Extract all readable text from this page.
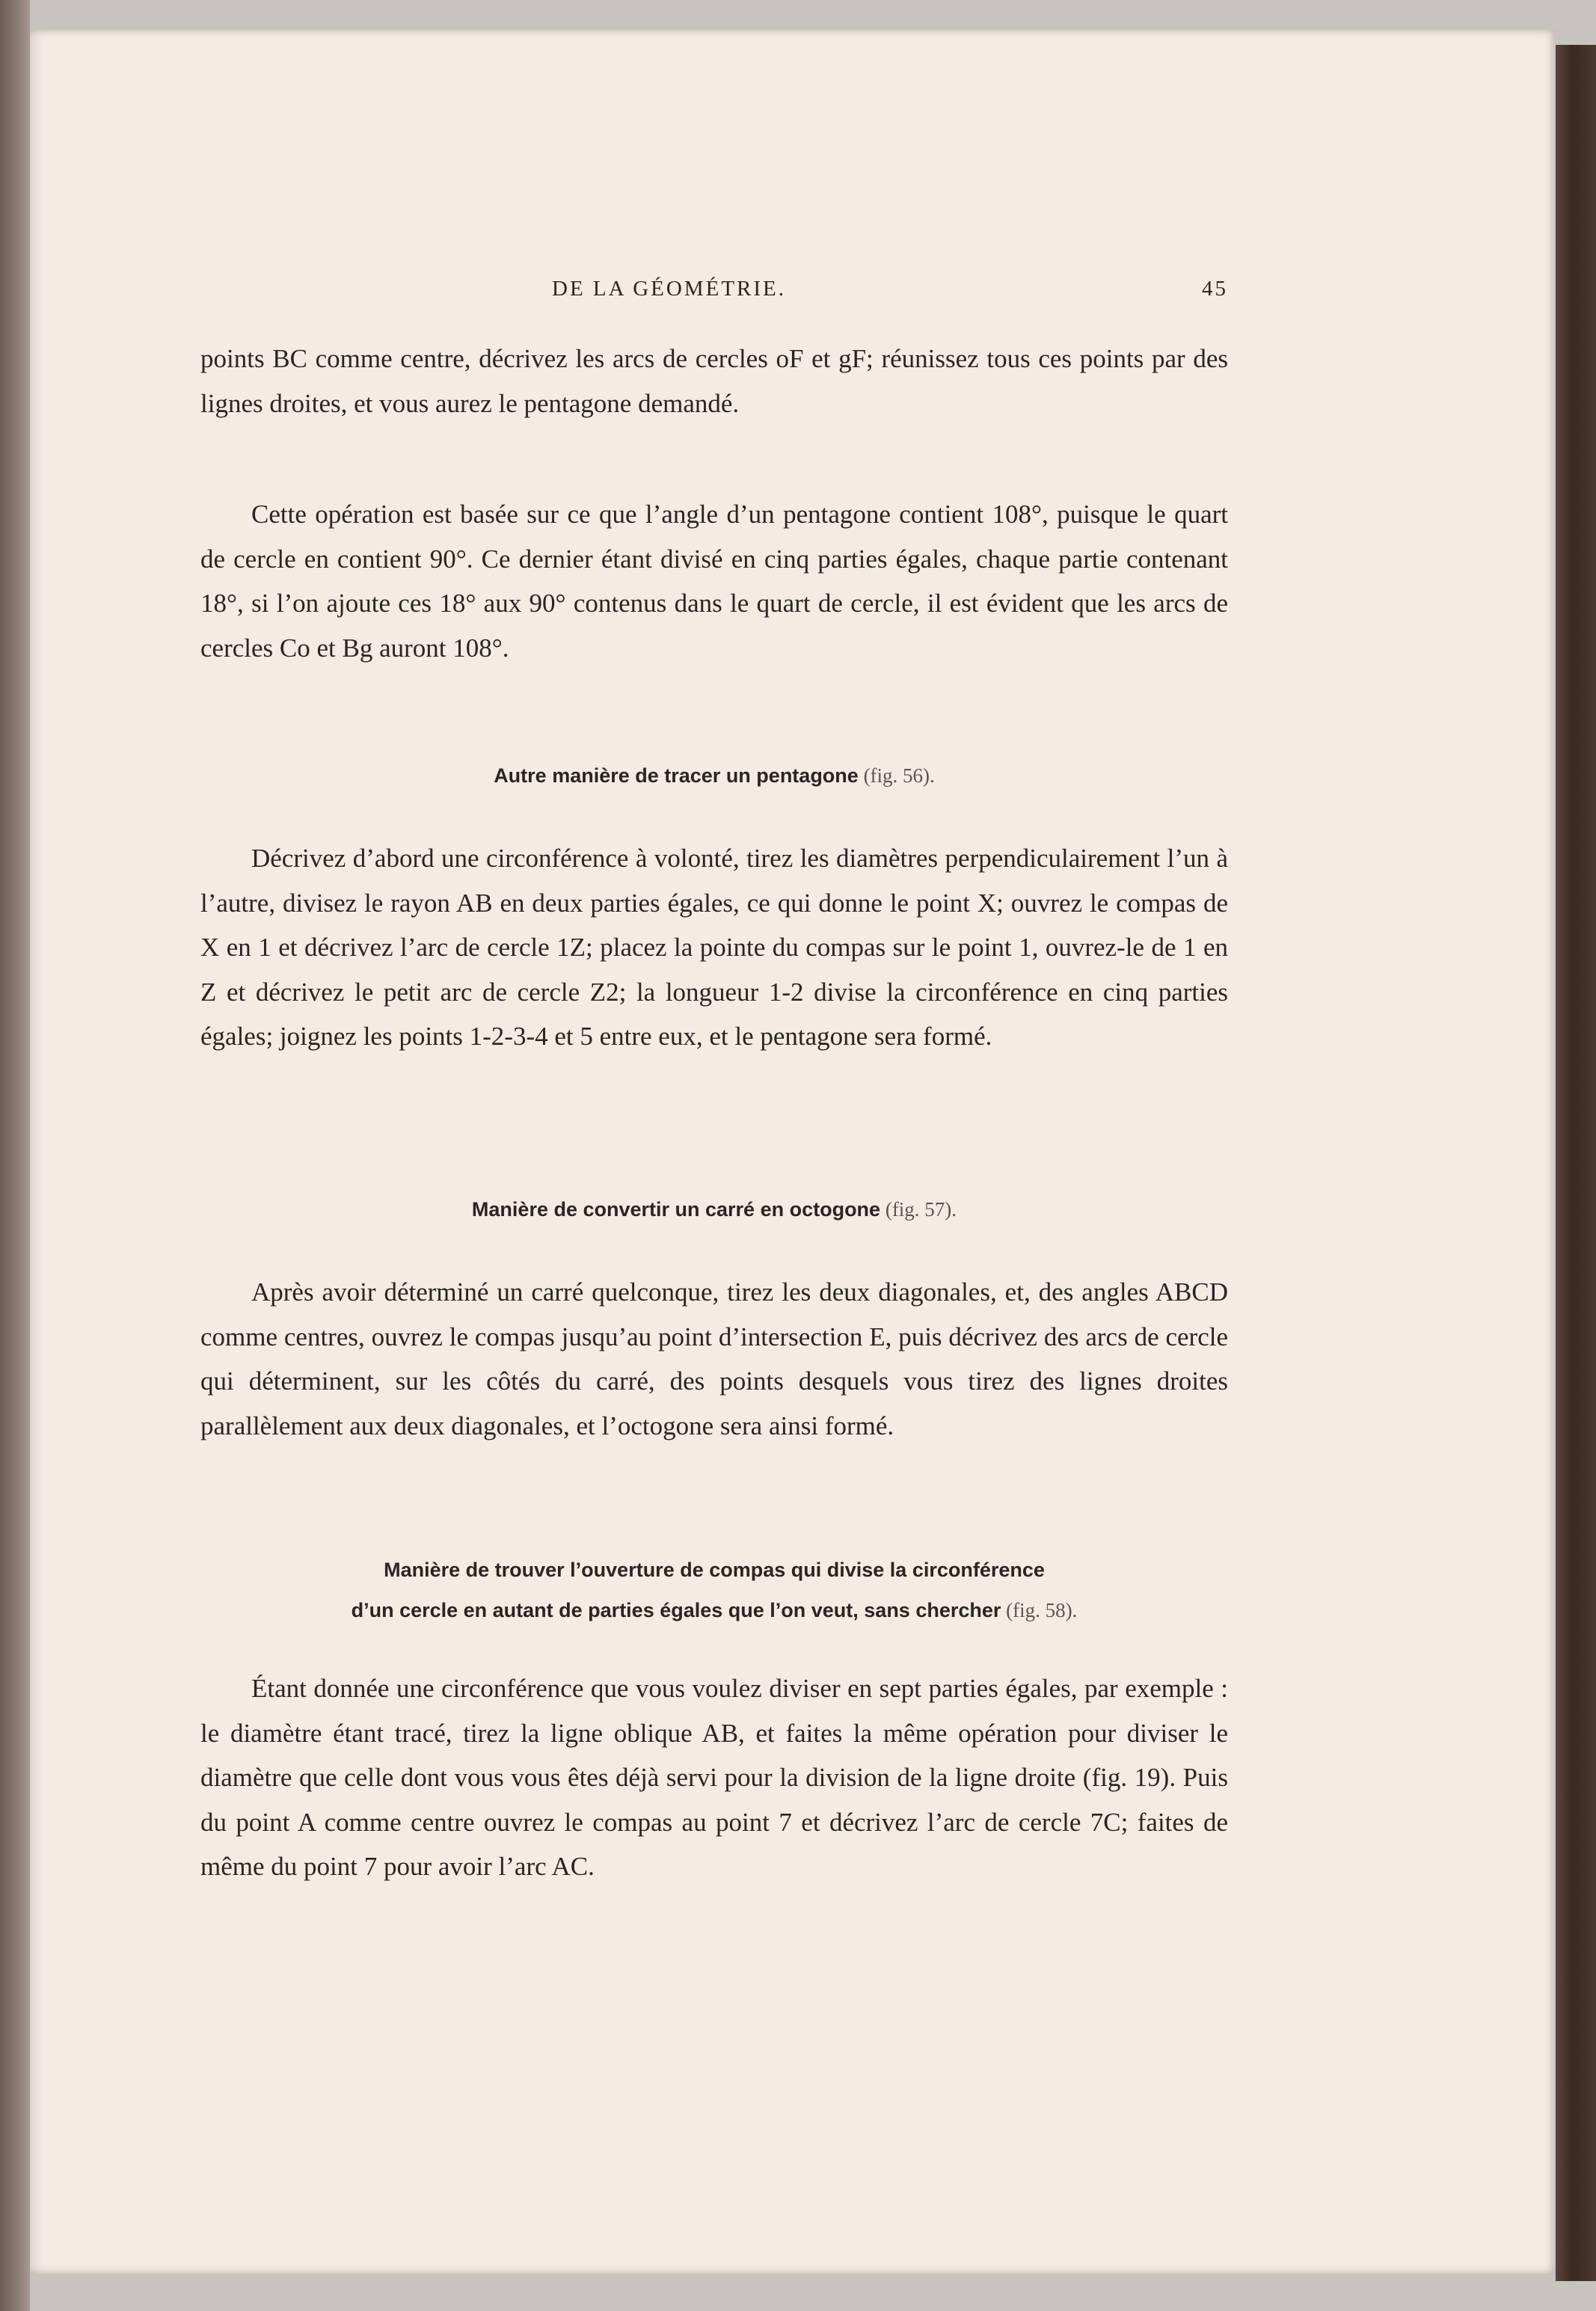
DE LA GÉOMÉTRIE.	45

points BC comme centre, décrivez les arcs de cercles oF et gF; réunissez tous ces points par des lignes droites, et vous aurez le pentagone demandé.

Cette opération est basée sur ce que l’angle d’un pentagone contient 108°, puisque le quart de cercle en contient 90°. Ce dernier étant divisé en cinq parties égales, chaque partie contenant 18°, si l’on ajoute ces 18° aux 90° contenus dans le quart de cercle, il est évident que les arcs de cercles Co et Bg auront 108°.

Autre manière de tracer un pentagone (fig. 56).

Décrivez d’abord une circonférence à volonté, tirez les diamètres perpendiculairement l’un à l’autre, divisez le rayon AB en deux parties égales, ce qui donne le point X; ouvrez le compas de X en 1 et décrivez l’arc de cercle 1Z; placez la pointe du compas sur le point 1, ouvrez-le de 1 en Z et décrivez le petit arc de cercle Z2; la longueur 1-2 divise la circonférence en cinq parties égales; joignez les points 1-2-3-4 et 5 entre eux, et le pentagone sera formé.

Manière de convertir un carré en octogone (fig. 57).

Après avoir déterminé un carré quelconque, tirez les deux diagonales, et, des angles ABCD comme centres, ouvrez le compas jusqu’au point d’intersection E, puis décrivez des arcs de cercle qui déterminent, sur les côtés du carré, des points desquels vous tirez des lignes droites parallèlement aux deux diagonales, et l’octogone sera ainsi formé.

Manière de trouver l’ouverture de compas qui divise la circonférence
d’un cercle en autant de parties égales que l’on veut, sans chercher (fig. 58).

Étant donnée une circonférence que vous voulez diviser en sept parties égales, par exemple : le diamètre étant tracé, tirez la ligne oblique AB, et faites la même opération pour diviser le diamètre que celle dont vous vous êtes déjà servi pour la division de la ligne droite (fig. 19). Puis du point A comme centre ouvrez le compas au point 7 et décrivez l’arc de cercle 7C; faites de même du point 7 pour avoir l’arc AC.
